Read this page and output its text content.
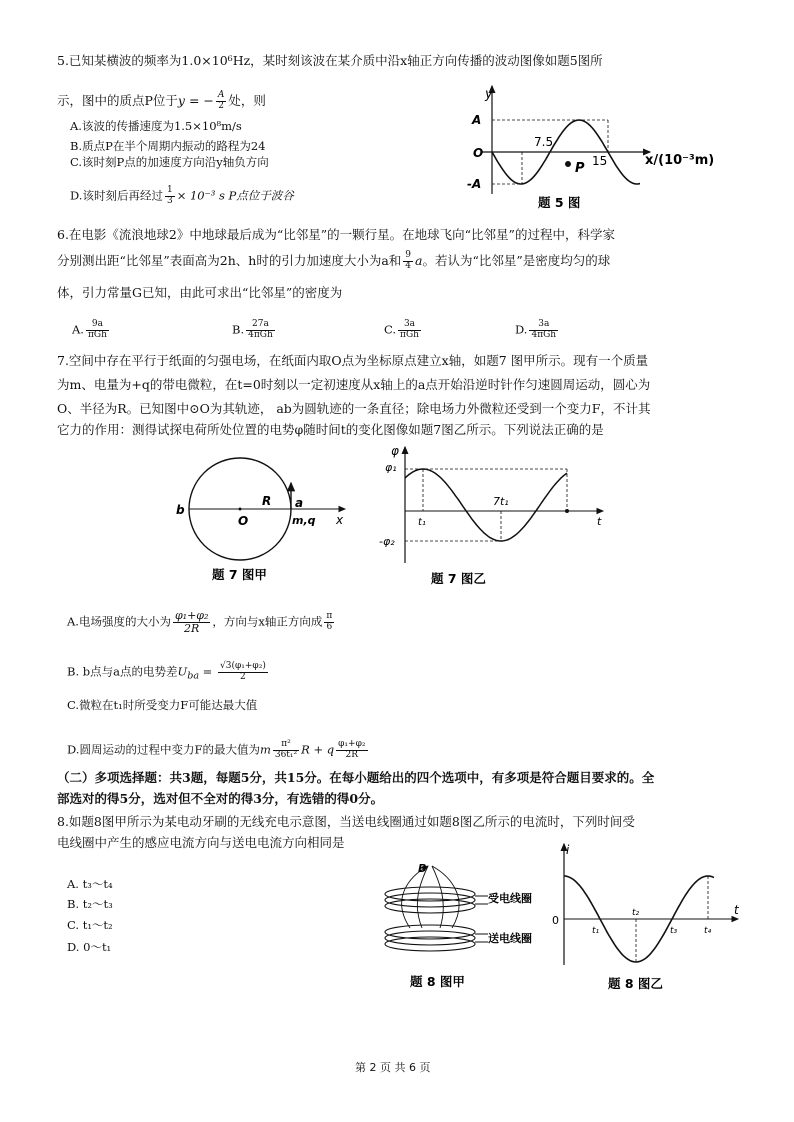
5.已知某横波的频率为1.0×10⁶Hz，某时刻该波在某介质中沿x轴正方向传播的波动图像如题5图所
示，图中的质点P位于y = − $\frac{A}{2}$ 处，则
A.该波的传播速度为1.5×10⁸m/s
B.质点P在半个周期内振动的路程为24
C.该时刻P点的加速度方向沿y轴负方向
D.该时刻后再经过 $\frac{1}{3} \times 10^{-3}$ s P点位于波谷
y
A
O
-A
7.5
15
P
x/(10⁻³m)
题 5 图
6.在电影《流浪地球2》中地球最后成为“比邻星”的一颗行星。在地球飞向“比邻星”的过程中，科学家
分别测出距“比邻星”表面高为2h、h时的引力加速度大小为a和 $\frac{9}{4}$ a。若认为“比邻星”是密度均匀的球
体，引力常量G已知，由此可求出“比邻星”的密度为
A. $\frac{9a}{\text{πGh}}$	B. $\frac{27a}{\text{4πGh}}$	C. $\frac{3a}{\text{πGh}}$	D. $\frac{3a}{\text{4πGh}}$
7.空间中存在平行于纸面的匀强电场，在纸面内取O点为坐标原点建立x轴，如题7 图甲所示。现有一个质量
为m、电量为+q的带电微粒，在t=0时刻以一定初速度从x轴上的a点开始沿逆时针作匀速圆周运动，圆心为
O、半径为R。已知图中⊙O为其轨迹， ab为圆轨迹的一条直径；除电场力外微粒还受到一个变力F，不计其
它力的作用：测得试探电荷所处位置的电势φ随时间t的变化图像如题7图乙所示。下列说法正确的是
b
R a
O	m,q x
题 7 图甲
φ
φ₁
t₁
7t₁
t
-φ₂
题 7 图乙
A.电场强度的大小为 $\frac{\text{φ₁+φ₂}}{2R}$ ，方向与x轴正方向成 $\frac{\pi}{6}$
B. b点与a点的电势差$U_{ba} = \frac{\text{√3(φ₁+φ₂)}}{2}$
C.微粒在t₁时所受变力F可能达最大值
D.圆周运动的过程中变力F的最大值为m $\frac{\text{π²}}{\text{36t₁²}}$ R + q $\frac{\text{φ₁+φ₂}}{2R}$
（二）多项选择题：共3题，每题5分，共15分。在每小题给出的四个选项中，有多项是符合题目要求的。全
部选对的得5分，选对但不全对的得3分，有选错的得0分。
8.如题8图甲所示为某电动牙刷的无线充电示意图，当送电线圈通过如题8图乙所示的电流时，下列时间受
电线圈中产生的感应电流方向与送电电流方向相同是
A. t₃～t₄
B. t₂～t₃
C. t₁～t₂
D. 0～t₁
B
受电线圈
送电线圈
题 8 图甲
i
0
t
t₁
t₂
t₃	t₄
题 8 图乙
第 2 页 共 6 页
